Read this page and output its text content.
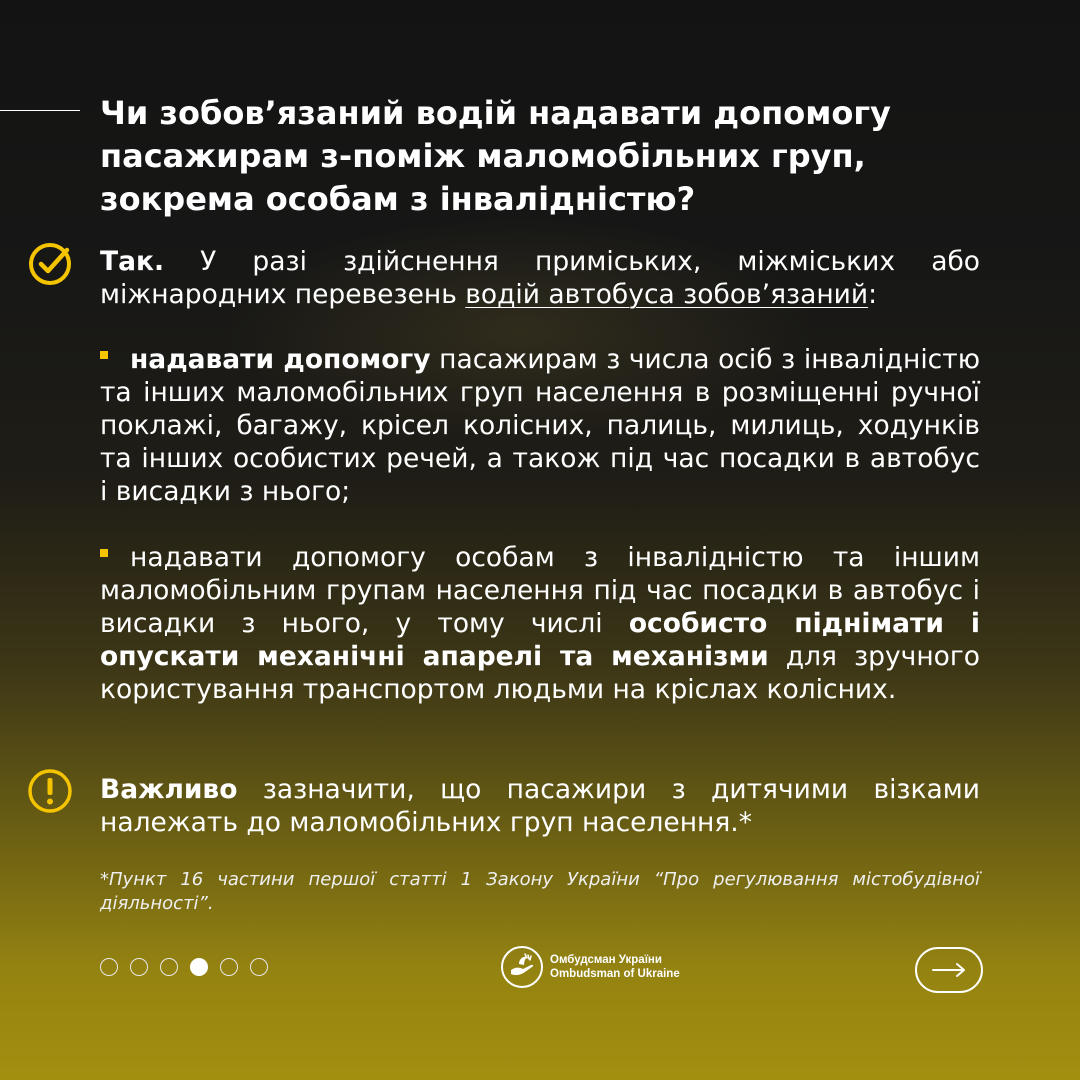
Чи зобов’язаний водій надавати допомогу
пасажирам з-поміж маломобільних груп,
зокрема особам з інвалідністю?

Так. У разі здійснення приміських, міжміських або міжнародних перевезень водій автобуса зобов’язаний:

надавати допомогу пасажирам з числа осіб з інвалідністю та інших маломобільних груп населення в розміщенні ручної поклажі, багажу, крісел колісних, палиць, милиць, ходунків та інших особистих речей, а також під час посадки в автобус і висадки з нього;

надавати допомогу особам з інвалідністю та іншим маломобільним групам населення під час посадки в автобус і висадки з нього, у тому числі особисто піднімати і опускати механічні апарелі та механізми для зручного користування транспортом людьми на кріслах колісних.

Важливо зазначити, що пасажири з дитячими візками належать до маломобільних груп населення.*

*Пункт 16 частини першої статті 1 Закону України “Про регулювання містобудівної діяльності”.

Омбудсман України
Ombudsman of Ukraine
